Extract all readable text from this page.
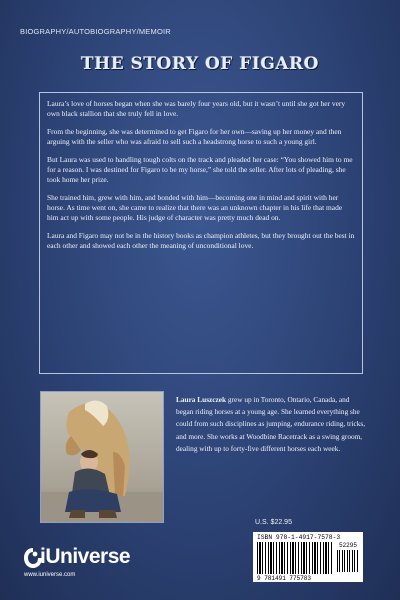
BIOGRAPHY/AUTOBIOGRAPHY/MEMOIR
THE STORY OF FIGARO

Laura’s love of horses began when she was barely four years old, but it wasn’t until she got her very own black stallion that she truly fell in love.

From the beginning, she was determined to get Figaro for her own—saving up her money and then arguing with the seller who was afraid to sell such a headstrong horse to such a young girl.

But Laura was used to handling tough colts on the track and pleaded her case: “You showed him to me for a reason. I was destined for Figaro to be my horse,” she told the seller. After lots of pleading, she took home her prize.

She trained him, grew with him, and bonded with him—becoming one in mind and spirit with her horse. As time went on, she came to realize that there was an unknown chapter in his life that made him act up with some people. His judge of character was pretty much dead on.

Laura and Figaro may not be in the history books as champion athletes, but they brought out the best in each other and showed each other the meaning of unconditional love.

Laura Luszczek grew up in Toronto, Ontario, Canada, and began riding horses at a young age. She learned everything she could from such disciplines as jumping, endurance riding, tricks, and more. She works at Woodbine Racetrack as a swing groom, dealing with up to forty-five different horses each week.
U.S. $22.95
ISBN 978-1-4917-7578-3
9 781491 775783
52295
iUniverse
www.iuniverse.com
